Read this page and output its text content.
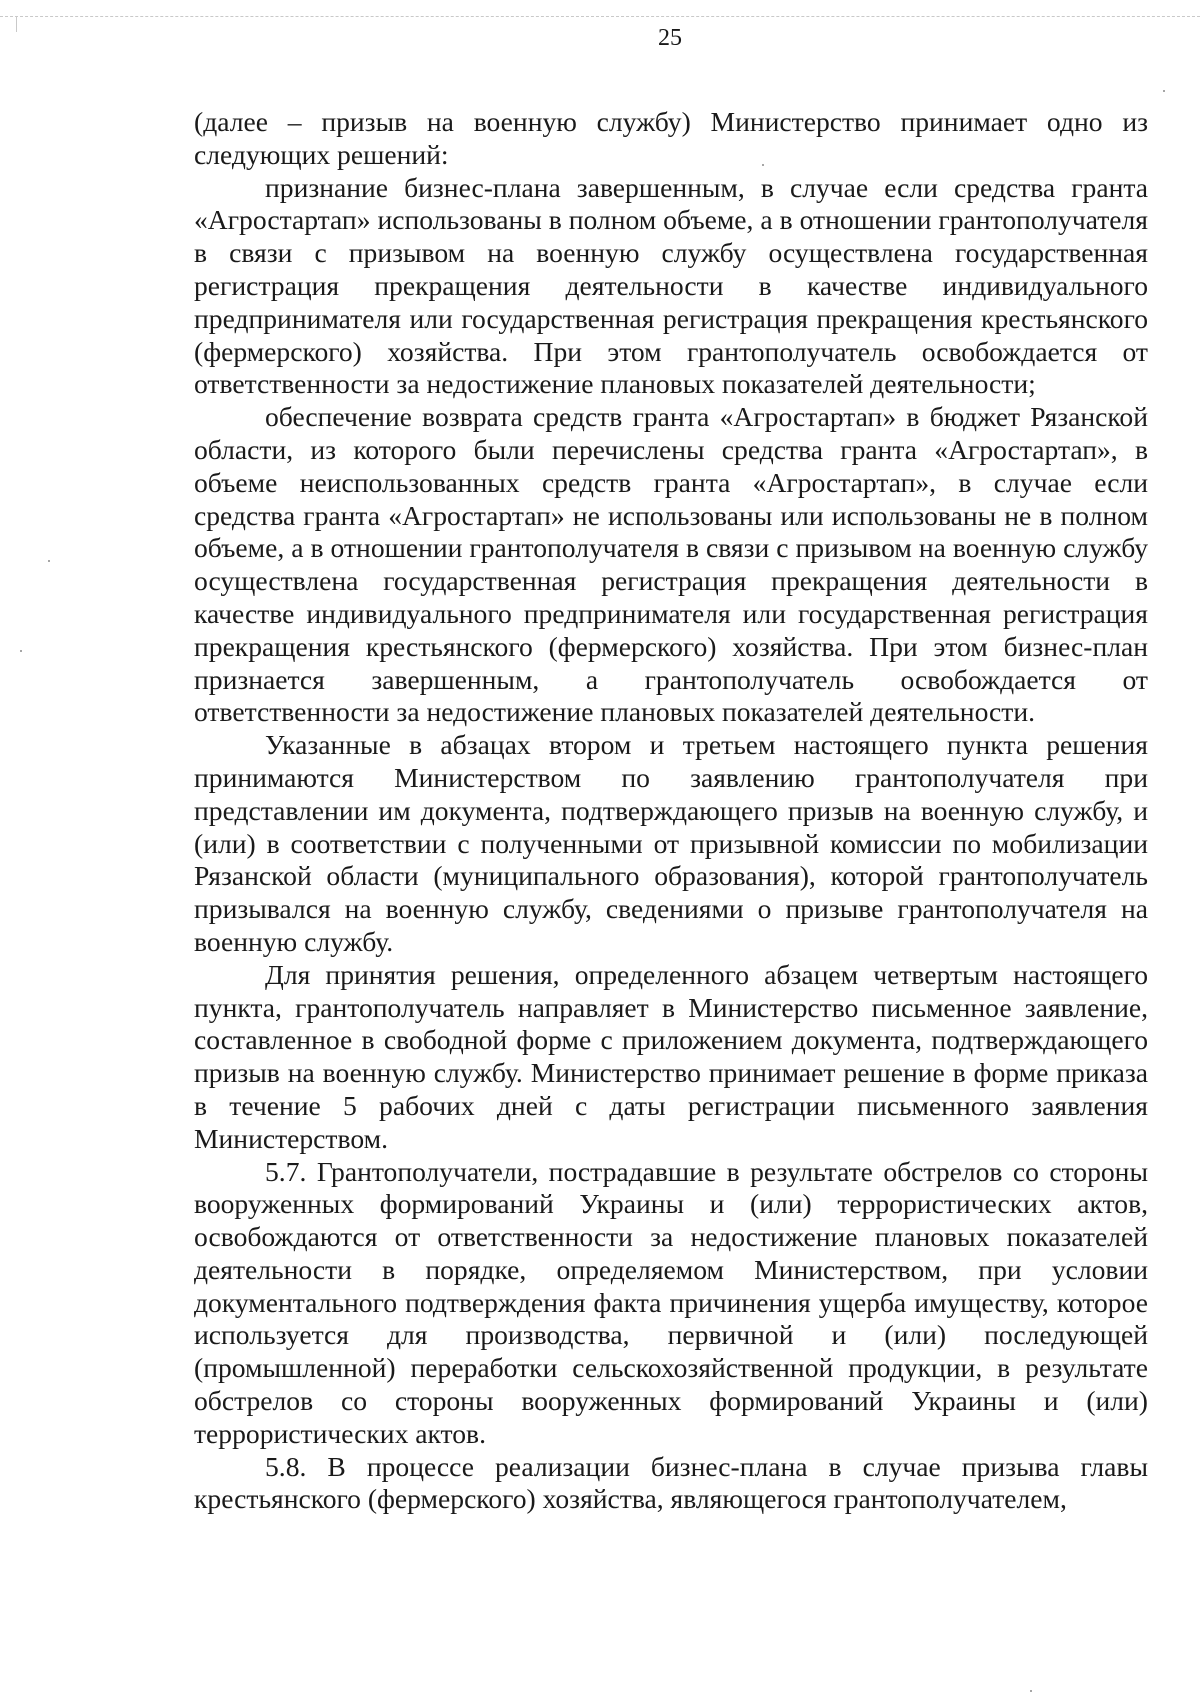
25

(далее – призыв на военную службу) Министерство принимает одно из следующих решений:

признание бизнес-плана завершенным, в случае если средства гранта «Агростартап» использованы в полном объеме, а в отношении грантополучателя в связи с призывом на военную службу осуществлена государственная регистрация прекращения деятельности в качестве индивидуального предпринимателя или государственная регистрация прекращения крестьянского (фермерского) хозяйства. При этом грантополучатель освобождается от ответственности за недостижение плановых показателей деятельности;

обеспечение возврата средств гранта «Агростартап» в бюджет Рязанской области, из которого были перечислены средства гранта «Агростартап», в объеме неиспользованных средств гранта «Агростартап», в случае если средства гранта «Агростартап» не использованы или использованы не в полном объеме, а в отношении грантополучателя в связи с призывом на военную службу осуществлена государственная регистрация прекращения деятельности в качестве индивидуального предпринимателя или государственная регистрация прекращения крестьянского (фермерского) хозяйства. При этом бизнес-план признается завершенным, а грантополучатель освобождается от ответственности за недостижение плановых показателей деятельности.

Указанные в абзацах втором и третьем настоящего пункта решения принимаются Министерством по заявлению грантополучателя при представлении им документа, подтверждающего призыв на военную службу, и (или) в соответствии с полученными от призывной комиссии по мобилизации Рязанской области (муниципального образования), которой грантополучатель призывался на военную службу, сведениями о призыве грантополучателя на военную службу.

Для принятия решения, определенного абзацем четвертым настоящего пункта, грантополучатель направляет в Министерство письменное заявление, составленное в свободной форме с приложением документа, подтверждающего призыв на военную службу. Министерство принимает решение в форме приказа в течение 5 рабочих дней с даты регистрации письменного заявления Министерством.

5.7. Грантополучатели, пострадавшие в результате обстрелов со стороны вооруженных формирований Украины и (или) террористических актов, освобождаются от ответственности за недостижение плановых показателей деятельности в порядке, определяемом Министерством, при условии документального подтверждения факта причинения ущерба имуществу, которое используется для производства, первичной и (или) последующей (промышленной) переработки сельскохозяйственной продукции, в результате обстрелов со стороны вооруженных формирований Украины и (или) террористических актов.

5.8. В процессе реализации бизнес-плана в случае призыва главы крестьянского (фермерского) хозяйства, являющегося грантополучателем,
